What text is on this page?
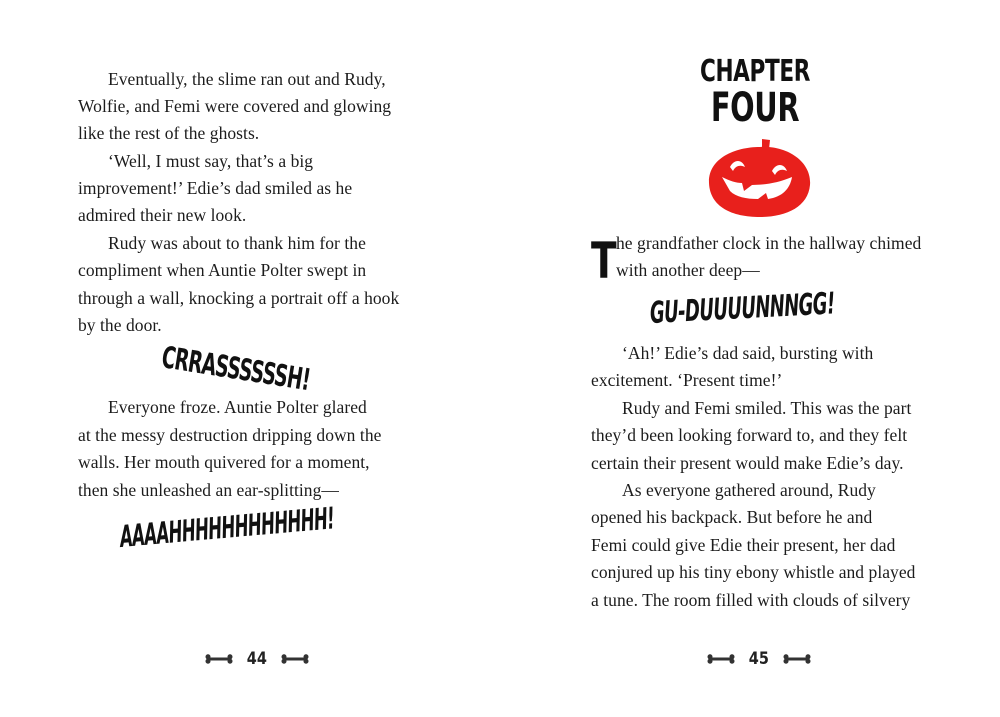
Eventually, the slime ran out and Rudy,
Wolfie, and Femi were covered and glowing
like the rest of the ghosts.
‘Well, I must say, that’s a big
improvement!’ Edie’s dad smiled as he
admired their new look.
Rudy was about to thank him for the
compliment when Auntie Polter swept in
through a wall, knocking a portrait off a hook
by the door.
CRRASSSSSSH!
Everyone froze. Auntie Polter glared
at the messy destruction dripping down the
walls. Her mouth quivered for a moment,
then she unleashed an ear-splitting—
AAAAHHHHHHHHHHHH!
44
CHAPTER
FOUR
T he grandfather clock in the hallway chimed
with another deep—
GU-DUUUUNNNGG!
‘Ah!’ Edie’s dad said, bursting with
excitement. ‘Present time!’
Rudy and Femi smiled. This was the part
they’d been looking forward to, and they felt
certain their present would make Edie’s day.
As everyone gathered around, Rudy
opened his backpack. But before he and
Femi could give Edie their present, her dad
conjured up his tiny ebony whistle and played
a tune. The room filled with clouds of silvery
45
